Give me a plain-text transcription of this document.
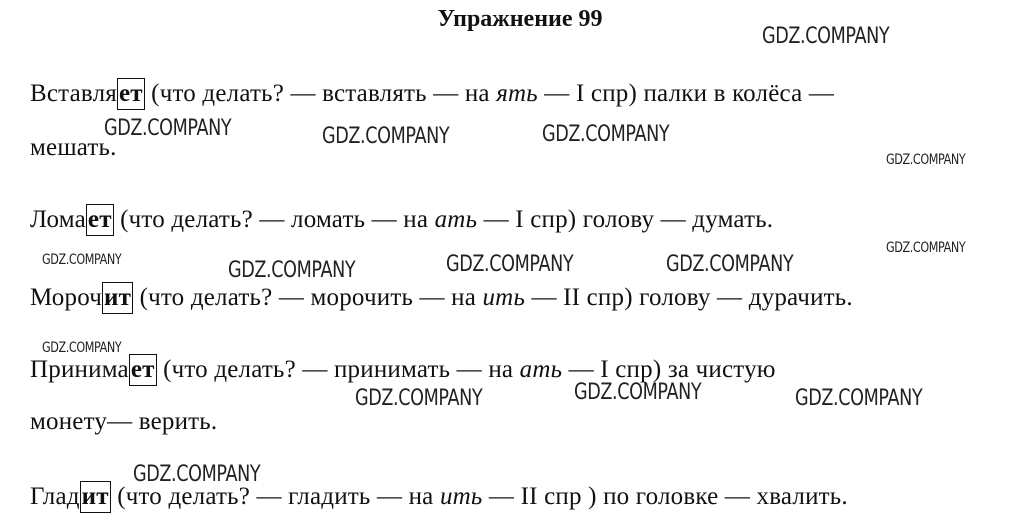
Упражнение 99
Вставляет (что делать? — вставлять — на ять — I спр) палки в колёса —
мешать.
Ломает (что делать? — ломать — на ать — I спр) голову — думать.
Морочит (что делать? — морочить — на ить — II спр) голову — дурачить.
Принимает (что делать? — принимать — на ать — I спр) за чистую
монету— верить.
Гладит (что делать? — гладить — на ить — II спр ) по головке — хвалить.
GDZ.COMPANY
GDZ.COMPANY	GDZ.COMPANY	GDZ.COMPANY
GDZ.COMPANY
GDZ.COMPANY
GDZ.COMPANY	GDZ.COMPANY	GDZ.COMPANY	GDZ.COMPANY
GDZ.COMPANY
GDZ.COMPANY	GDZ.COMPANY	GDZ.COMPANY
GDZ.COMPANY
